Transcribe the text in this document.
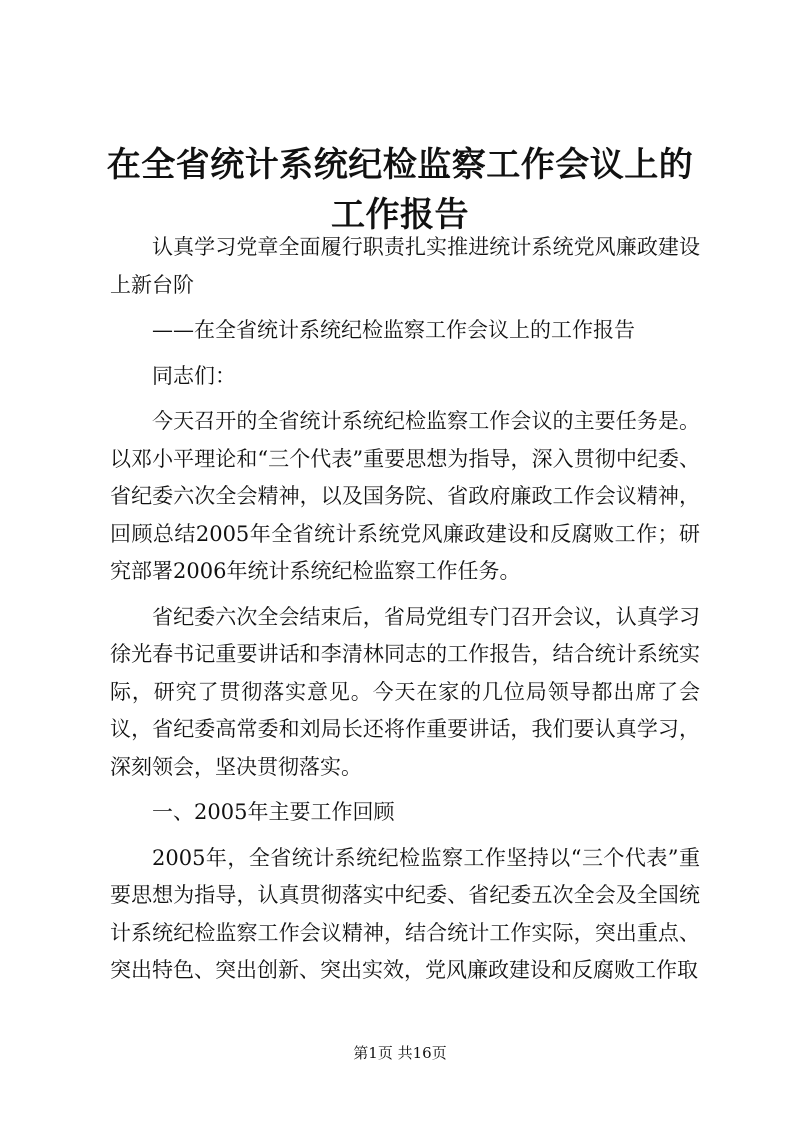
在全省统计系统纪检监察工作会议上的工作报告

认真学习党章全面履行职责扎实推进统计系统党风廉政建设上新台阶

——在全省统计系统纪检监察工作会议上的工作报告

同志们：

今天召开的全省统计系统纪检监察工作会议的主要任务是。以邓小平理论和“三个代表”重要思想为指导，深入贯彻中纪委、省纪委六次全会精神，以及国务院、省政府廉政工作会议精神，回顾总结2005年全省统计系统党风廉政建设和反腐败工作；研究部署2006年统计系统纪检监察工作任务。

省纪委六次全会结束后，省局党组专门召开会议，认真学习徐光春书记重要讲话和李清林同志的工作报告，结合统计系统实际，研究了贯彻落实意见。今天在家的几位局领导都出席了会议，省纪委高常委和刘局长还将作重要讲话，我们要认真学习，深刻领会，坚决贯彻落实。

一、2005年主要工作回顾

2005年，全省统计系统纪检监察工作坚持以“三个代表”重要思想为指导，认真贯彻落实中纪委、省纪委五次全会及全国统计系统纪检监察工作会议精神，结合统计工作实际，突出重点、突出特色、突出创新、突出实效，党风廉政建设和反腐败工作取

第1页 共16页
